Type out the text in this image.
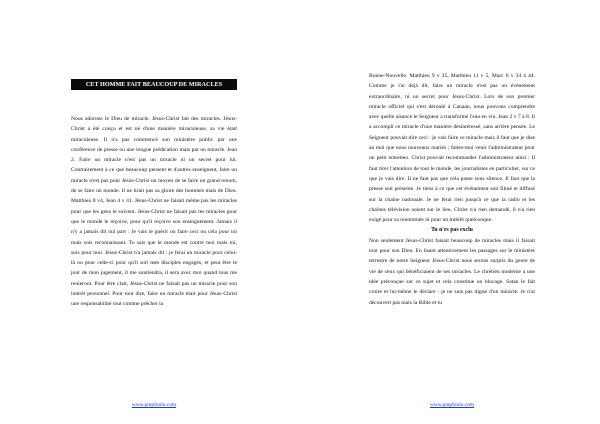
CET HOMME FAIT BEAUCOUP DE MIRACLES

Nous adorons le Dieu de miracle. Jésus-Christ fait des miracles. Jésus-Christ a été conçu et est né d'une manière miraculeuse, sa vie était miraculeuse. Il n'a pas commencé son ministère public par une conférence de presse ou une longue prédication mais par un miracle. Jean 2. Faire un miracle n'est pas un miracle ni un secret pour lui. Contrairement à ce que beaucoup pensent et d'autres enseignent, faire un miracle n'est pas pour Jésus-Christ un moyen de se faire un grand renom, de se faire un monde. Il ne tirait pas sa gloire des hommes mais de Dieu. Matthieu 8 v4, Jean 4 v 41. Jésus-Christ ne faisait même pas les miracles pour que les gens le suivent. Jésus-Christ ne faisait pas les miracles pour que le monde le reçoive, pour qu'il reçoive son enseignement. Jamais il n'y a jamais dit nul part : Je vais te guérir ou faire ceci ou cela pour toi mais sois reconnaissant. Tu sais que le monde est contre moi mais toi, sois pour moi. Jésus-Christ n'a jamais dit : je ferai un miracle pour celui-là ou pour celle-ci pour qu'il soit mes disciples engagés, et peut être le jour de mon jugement, il me soutiendra, il sera avec moi quand tous me renieront. Pour être clair, Jésus-Christ ne faisait pas un miracle pour son intérêt personnel. Pour tout dire, faire un miracle était pour Jésus-Christ une responsabilité tout comme prêcher la

www.pmpfoolu.com

Bonne-Nouvelle. Matthieu 9 v 35, Matthieu 11 v 5, Marc 6 v 34 à 44. Comme je l'ai déjà dit, faire un miracle n'est pas un événement extraordinaire, ni un secret pour Jésus-Christ. Lors de son premier miracle officiel qui s'est déroulé à Canaan, nous pouvons comprendre avec quelle aisance le Seigneur a transformé l'eau en vin. Jean 2 v 7 à 8. Il a accompli ce miracle d'une manière désintéressé, sans arrière pensée. Le Seigneur pouvait dire ceci : je vais faire ce miracle mais il faut que je dise au moi que nous nouveaux mariés ; faites-moi venir l'administrateur pour un petit entretien. Christ pouvait recommander l'administrateur ainsi : Il faut tirer l'attention de tout le monde, les journalistes en particulier, sur ce que je vais dire. Il ne faut pas que cela passe sous silence. Il faut que la presse soit présente. Je tiens à ce que cet événement soit filmé et diffusé sur la chaîne nationale. Je ne ferai rien jusqu'à ce que la radio et les chaînes télévision soient sur le lieu. Christ n'a rien demandé, il n'a rien exigé pour sa renommée ni pour un intérêt quelconque.
Tu n'es pas exclu
Non seulement Jésus-Christ faisait beaucoup de miracles mais il faisait tout pour son Dieu. En lisant attentivement les passages sur le ministère terrestre de notre Seigneur Jésus-Christ nous serons surpris du genre de vie de ceux qui bénéficiaient de ses miracles. Le chrétien moderne a une idée préconçue sur ce sujet et cela constitue un blocage. Satan le fait croire et lui-même le déclare : je ne suis pas digne d'un miracle. Je n'ai découvert pas mais la Bible et tu

www.pmpfoolu.com
